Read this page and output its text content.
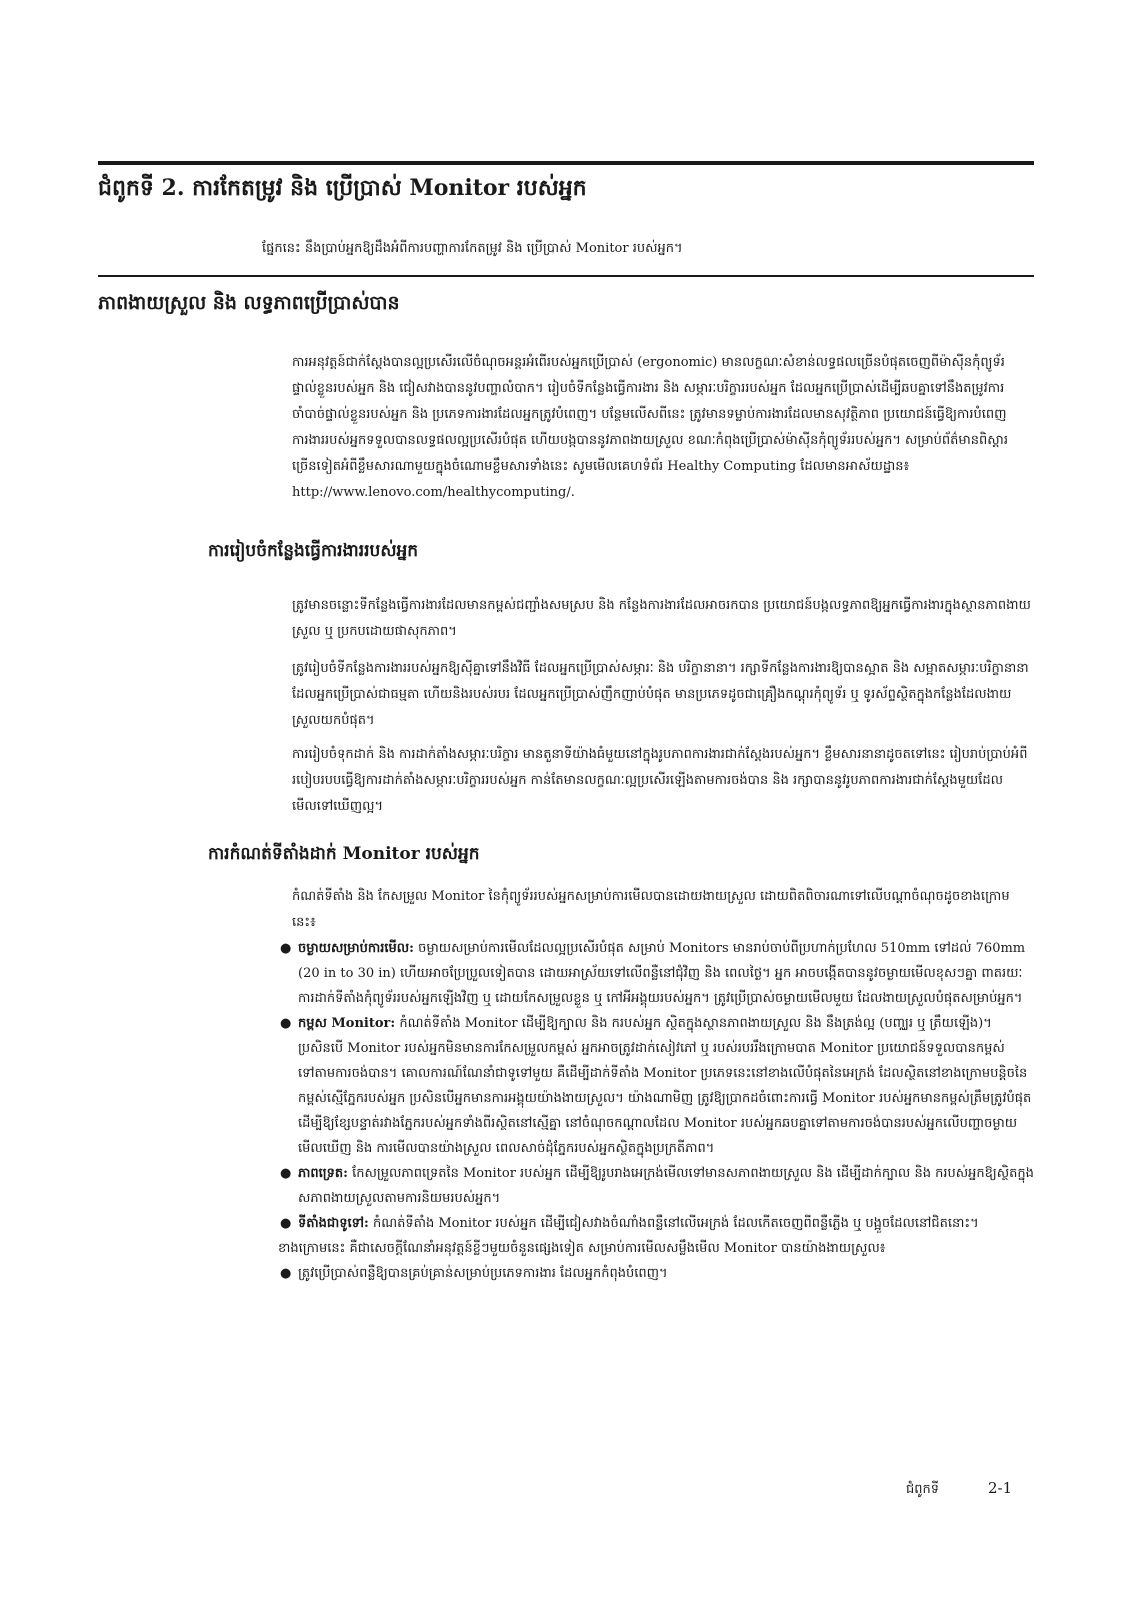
ជំពូកទី 2. ការកែតម្រូវ និង ប្រើប្រាស់ Monitor របស់អ្នក
ផ្នែកនេះ នឹងប្រាប់អ្នកឱ្យដឹងអំពីការបញ្ហាការកែតម្រូវ និង ប្រើប្រាស់ Monitor របស់អ្នក។
ភាពងាយស្រួល និង លទ្ធភាពប្រើប្រាស់បាន

ការអនុវត្តន៍ជាក់ស្តែងបានល្អប្រសើរលើចំណុចអន្តរអំពើរបស់អ្នកប្រើប្រាស់ (ergonomic) មានលក្ខណៈសំខាន់លទ្ធផលច្រើនបំផុតចេញពីម៉ាស៊ីនកុំព្យូទ័រផ្ទាល់ខ្លួនរបស់អ្នក និង ជៀសវាងបាននូវបញ្ហាលំបាក។ រៀបចំទីកន្លែងធ្វើការងារ និង សម្ភារៈបរិក្ខាររបស់អ្នក ដែលអ្នកប្រើប្រាស់ដើម្បីឆបគ្នាទៅនឹងតម្រូវការចាំបាច់ផ្ទាល់ខ្លួនរបស់អ្នក និង ប្រភេទការងារដែលអ្នកត្រូវបំពេញ។ បន្ថែមលើសពីនេះ ត្រូវមានទម្លាប់ការងារដែលមានសុវត្ថិភាព ប្រយោជន៍ធ្វើឱ្យការបំពេញការងាររបស់អ្នកទទួលបានលទ្ធផលល្អប្រសើរបំផុត ហើយបង្កបាននូវភាពងាយស្រួល ខណៈកំពុងប្រើប្រាស់ម៉ាស៊ីនកុំព្យូទ័ររបស់អ្នក។ សម្រាប់ព័ត៌មានពិស្តារច្រើនទៀតអំពីខ្លឹមសារណាមួយក្នុងចំណោមខ្លឹមសារទាំងនេះ សូមមើលគេហទំព័រ Healthy Computing ដែលមានអាស័យដ្ឋាន៖ http://www.lenovo.com/healthycomputing/.

ការរៀបចំកន្លែងធ្វើការងាររបស់អ្នក

ត្រូវមានចន្លោះទីកន្លែងធ្វើការងារដែលមានកម្ពស់ជញ្ជាំងសមស្រប និង កន្លែងការងារដែលអាចរកបាន ប្រយោជន៍បង្កលទ្ធភាពឱ្យអ្នកធ្វើការងារក្នុងស្ថានភាពងាយស្រួល ឬ ប្រកបដោយផាសុកភាព។

ត្រូវរៀបចំទីកន្លែងការងាររបស់អ្នកឱ្យស៊ីគ្នាទៅនឹងវិធី ដែលអ្នកប្រើប្រាស់សម្ភារៈ និង បរិក្ខានានា។ រក្សាទីកន្លែងការងារឱ្យបានស្អាត និង សម្អាតសម្ភារៈបរិក្ខានានា ដែលអ្នកប្រើប្រាស់ជាធម្មតា ហើយនិងរបស់របរ ដែលអ្នកប្រើប្រាស់ញឹកញាប់បំផុត មានប្រភេទដូចជាគ្រឿងកណ្តុរកុំព្យូទ័រ ឬ ទូរស័ព្ទស្ថិតក្នុងកន្លែងដែលងាយស្រួលយកបំផុត។

ការរៀបចំទុកដាក់ និង ការដាក់តាំងសម្ភារៈបរិក្ខារ មានតួនាទីយ៉ាងធំមួយនៅក្នុងរូបភាពការងារជាក់ស្តែងរបស់អ្នក។ ខ្លឹមសារនានាដូចតទៅនេះ រៀបរាប់ប្រាប់អំពីរបៀបរបបធ្វើឱ្យការដាក់តាំងសម្ភារៈបរិក្ខាររបស់អ្នក កាន់តែមានលក្ខណៈល្អប្រសើរឡើងតាមការចង់បាន និង រក្សាបាននូវរូបភាពការងារជាក់ស្តែងមួយដែលមើលទៅឃើញល្អ។

ការកំណត់ទីតាំងដាក់ Monitor របស់អ្នក

កំណត់ទីតាំង និង កែសម្រួល Monitor នៃកុំព្យូទ័ររបស់អ្នកសម្រាប់ការមើលបានដោយងាយស្រួល ដោយពិតពិចារណាទៅលើបណ្តាចំណុចដូចខាងក្រោមនេះ៖

● ចម្ងាយសម្រាប់ការមើល: ចម្ងាយសម្រាប់ការមើលដែលល្អប្រសើរបំផុត សម្រាប់ Monitors មានរាប់ចាប់ពីប្រហាក់ប្រហែល 510mm ទៅដល់ 760mm (20 in to 30 in) ហើយអាចប្រែប្រួលទៀតបាន ដោយអាស្រ័យទៅលើពន្លឺនៅជុំវិញ និង ពេលថ្ងៃ។ អ្នក អាចបង្កើតបាននូវចម្ងាយមើលខុសៗគ្នា ពាតរយៈការដាក់ទីតាំងកុំព្យូទ័ររបស់អ្នកឡើងវិញ ឬ ដោយកែសម្រួលខ្លួន ឬ កៅអីអង្គុយរបស់អ្នក។ ត្រូវប្រើប្រាស់ចម្ងាយមើលមួយ ដែលងាយស្រួលបំផុតសម្រាប់អ្នក។
● កម្ពស Monitor: កំណត់ទីតាំង Monitor ដើម្បីឱ្យក្បាល និង ករបស់អ្នក ស្ថិតក្នុងស្ថានភាពងាយស្រួល និង នឹងត្រង់ល្អ (បញ្ឈរ ឬ ត្រឹយឡើង)។ ប្រសិនបើ Monitor របស់អ្នកមិនមានការកែសម្រួលកម្ពស់ អ្នកអាចត្រូវដាក់សៀវភៅ ឬ របស់របររឹងក្រោមបាត Monitor ប្រយោជន៍ទទួលបានកម្ពស់ទៅតាមការចង់បាន។ គោលការណ៍ណែនាំជាទូទៅមួយ គឺដើម្បីដាក់ទីតាំង Monitor ប្រភេទនេះនៅខាងលើបំផុតនៃអេក្រង់ ដែលស្ថិតនៅខាងក្រោមបន្តិចនៃកម្ពស់ស្មើភ្នែករបស់អ្នក ប្រសិនបើអ្នកមានការអង្គុយយ៉ាងងាយស្រួល។ យ៉ាងណាមិញ ត្រូវឱ្យប្រាកដចំពោះការធ្វើ Monitor របស់អ្នកមានកម្ពស់ត្រឹមត្រូវបំផុត ដើម្បីឱ្យខ្សែបន្ទាត់រវាងភ្នែករបស់អ្នកទាំងពីរស្ថិតនៅស្មើគ្នា នៅចំណុចកណ្តាលដែល Monitor របស់អ្នកឆបគ្នាទៅតាមការចង់បានរបស់អ្នកលើបញ្ហាចម្ងាយមើលឃើញ និង ការមើលបានយ៉ាងស្រួល ពេលសាច់ដុំភ្នែករបស់អ្នកស្ថិតក្នុងប្រក្រតីភាព។
● ភាពទ្រេត: កែសម្រួលភាពទ្រេតនៃ Monitor របស់អ្នក ដើម្បីឱ្យរូបរាងអេក្រង់មើលទៅមានសភាពងាយស្រួល និង ដើម្បីដាក់ក្បាល និង ករបស់អ្នកឱ្យស្ថិតក្នុងសភាពងាយស្រួលតាមការនិយមរបស់អ្នក។
● ទីតាំងជាទូទៅ: កំណត់ទីតាំង Monitor របស់អ្នក ដើម្បីជៀសវាងចំណាំងពន្លឺនៅលើអេក្រង់ ដែលកើតចេញពីពន្លឺភ្លើង ឬ បង្អួចដែលនៅជិតនោះ។
ខាងក្រោមនេះ គឺជាសេចក្តីណែនាំអនុវត្តន៍ខ្លីៗមួយចំនួនផ្សេងទៀត សម្រាប់ការមើលសម្លឹងមើល Monitor បានយ៉ាងងាយស្រួល៖
● ត្រូវប្រើប្រាស់ពន្លឺឱ្យបានគ្រប់គ្រាន់សម្រាប់ប្រភេទការងារ ដែលអ្នកកំពុងបំពេញ។
ជំពូកទី	2-1
